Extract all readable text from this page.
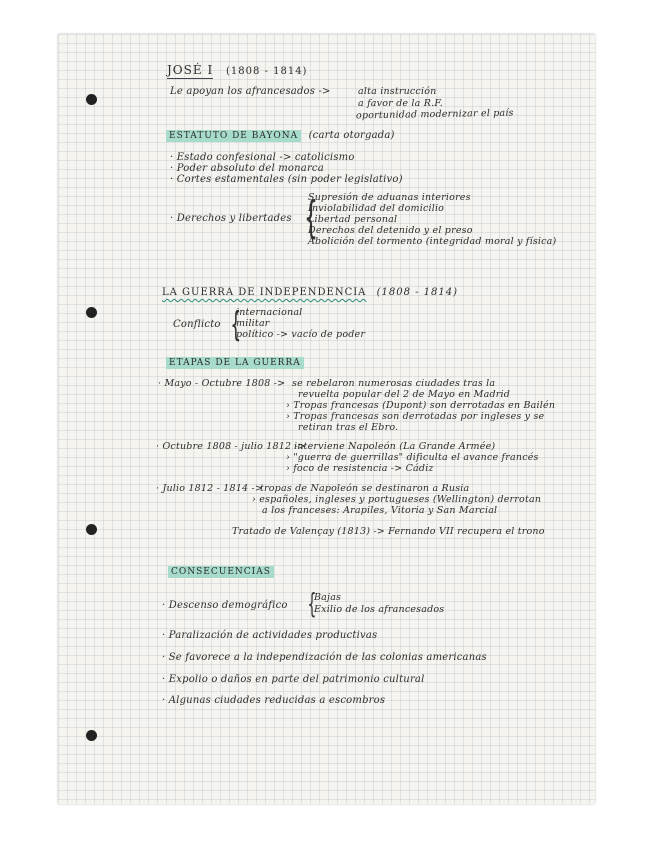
JOSÉ I (1808 - 1814)
Le apoyan los afrancesados ->	alta instrucción
a favor de la R.F.
oportunidad modernizar el país
ESTATUTO DE BAYONA (carta otorgada)
· Estado confesional -> catolicismo
· Poder absoluto del monarca
· Cortes estamentales (sin poder legislativo)
· Derechos y libertades {
Supresión de aduanas interiores
Inviolabilidad del domicilio
Libertad personal
Derechos del detenido y el preso
Abolición del tormento (integridad moral y física)
LA GUERRA DE INDEPENDENCIA (1808 - 1814)
Conflicto {
internacional
militar
político -> vacío de poder
ETAPAS DE LA GUERRA
· Mayo - Octubre 1808 -> se rebelaron numerosas ciudades tras la
revuelta popular del 2 de Mayo en Madrid
› Tropas francesas (Dupont) son derrotadas en Bailén
› Tropas francesas son derrotadas por ingleses y se
retiran tras el Ebro.
· Octubre 1808 - julio 1812 ->
interviene Napoleón (La Grande Armée)
› "guerra de guerrillas" dificulta el avance francés
› foco de resistencia -> Cádiz
· Julio 1812 - 1814 ->
tropas de Napoleón se destinaron a Rusia
› españoles, ingleses y portugueses (Wellington) derrotan
a los franceses: Arapiles, Vitoria y San Marcial
Tratado de Valençay (1813) -> Fernando VII recupera el trono
CONSECUENCIAS
· Descenso demográfico {
Bajas
Exilio de los afrancesados
· Paralización de actividades productivas
· Se favorece a la independización de las colonias americanas
· Expolio o daños en parte del patrimonio cultural
· Algunas ciudades reducidas a escombros
